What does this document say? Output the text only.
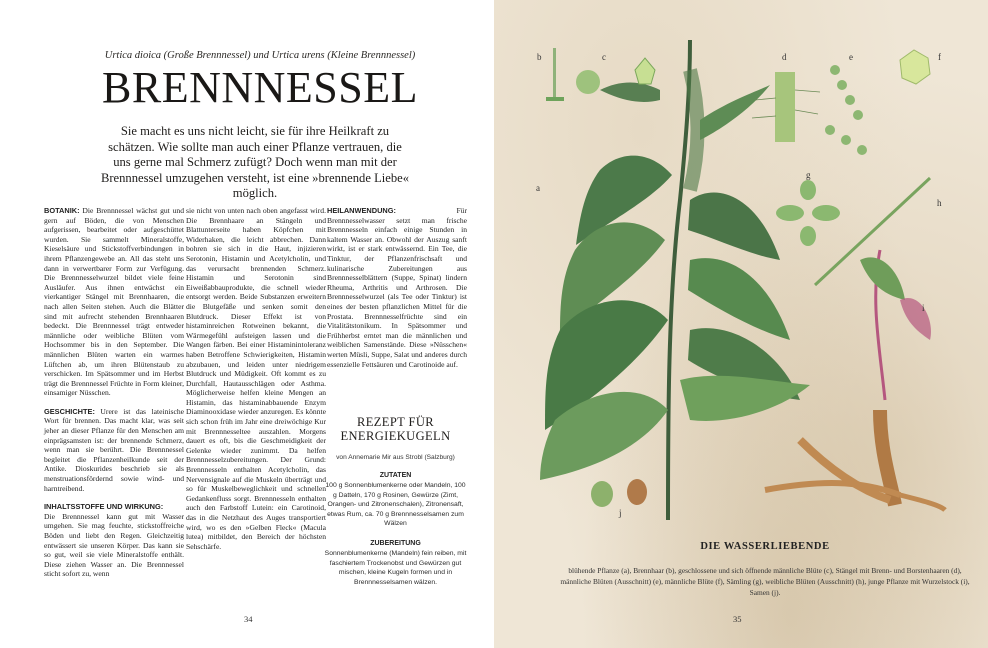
Urtica dioica (Große Brennnessel) und Urtica urens (Kleine Brennnessel)
BRENNNESSEL
Sie macht es uns nicht leicht, sie für ihre Heilkraft zu schätzen. Wie sollte man auch einer Pflanze vertrauen, die uns gerne mal Schmerz zufügt? Doch wenn man mit der Brennnessel umzugehen versteht, ist eine »brennende Liebe« möglich.

BOTANIK: Die Brennnessel wächst gut und gern auf Böden, die von Menschen aufgerissen, bearbeitet oder aufgeschüttet wurden. Sie sammelt Mineralstoffe, Kieselsäure und Stickstoffverbindungen in ihrem Pflanzengewebe an. All das steht uns dann in verwertbarer Form zur Verfügung. Die Brennnesselwurzel bildet viele feine Ausläufer. Aus ihnen entwächst ein vierkantiger Stängel mit Brennhaaren, die nach allen Seiten stehen. Auch die Blätter sind mit aufrecht stehenden Brennhaaren bedeckt. Die Brennnessel trägt entweder männliche oder weibliche Blüten vom Hochsommer bis in den September. Die männlichen Blüten warten ein warmes Lüftchen ab, um ihren Blütenstaub zu verschicken. Im Spätsommer und im Herbst trägt die Brennnessel Früchte in Form kleiner, einsamiger Nüsschen.

GESCHICHTE: Urere ist das lateinische Wort für brennen. Das macht klar, was seit jeher an dieser Pflanze für den Menschen am einprägsamsten ist: der brennende Schmerz, wenn man sie berührt. Die Brennnessel begleitet die Pflanzenheilkunde seit der Antike. Dioskurides beschrieb sie als menstruationsfördernd sowie wind- und harntreibend.

INHALTSSTOFFE UND WIRKUNG:
Die Brennnessel kann gut mit Wasser umgehen. Sie mag feuchte, stickstoffreiche Böden und liebt den Regen. Gleichzeitig entwässert sie unseren Körper. Das kann sie so gut, weil sie viele Mineralstoffe enthält. Diese ziehen Wasser an. Die Brennnessel sticht sofort zu, wenn

sie nicht von unten nach oben angefasst wird. Die Brennhaare an Stängeln und Blattunterseite haben Köpfchen mit Widerhaken, die leicht abbrechen. Dann bohren sie sich in die Haut, injizieren Serotonin, Histamin und Acetylcholin, und das verursacht brennenden Schmerz. Histamin und Serotonin sind Eiweißabbauprodukte, die schnell wieder entsorgt werden. Beide Substanzen erweitern die Blutgefäße und senken somit den Blutdruck. Dieser Effekt ist von histaminreichen Rotweinen bekannt, die Wärmegefühl aufsteigen lassen und die Wangen färben. Bei einer Histaminintoleranz haben Betroffene Schwierigkeiten, Histamin abzubauen, und leiden unter niedrigem Blutdruck und Müdigkeit. Oft kommt es zu Durchfall, Hautausschlägen oder Asthma. Möglicherweise helfen kleine Mengen an Histamin, das histaminabbauende Enzym Diaminooxidase wieder anzuregen. Es könnte sich schon früh im Jahr eine dreiwöchige Kur mit Brennnesseltee auszahlen. Morgens dauert es oft, bis die Geschmeidigkeit der Gelenke wieder zunimmt. Da helfen Brennnesselzubereitungen. Der Grund: Brennnesseln enthalten Acetylcholin, das Nervensignale auf die Muskeln überträgt und so für Muskelbeweglichkeit und schnellen Gedankenfluss sorgt. Brennnesseln enthalten auch den Farbstoff Lutein: ein Carotinoid, das in die Netzhaut des Auges transportiert wird, wo es den »Gelben Fleck« (Macula lutea) mitbildet, den Bereich der höchsten Sehschärfe.

HEILANWENDUNG: Für Brennnesselwasser setzt man frische Brennnesseln einfach einige Stunden in kaltem Wasser an. Obwohl der Auszug sanft wirkt, ist er stark entwässernd. Ein Tee, die Tinktur, der Pflanzenfrischsaft und kulinarische Zubereitungen aus Brennnesselblättern (Suppe, Spinat) lindern Rheuma, Arthritis und Arthrosen. Die Brennnesselwurzel (als Tee oder Tinktur) ist eines der besten pflanzlichen Mittel für die Prostata. Brennnesselfrüchte sind ein Vitalitätstonikum. In Spätsommer und Frühherbst erntet man die männlichen und weiblichen Samenstände. Diese »Nüsschen« werten Müsli, Suppe, Salat und anderes durch essenzielle Fettsäuren und Carotinoide auf.

REZEPT FÜR
ENERGIEKUGELN
von Annemarie Mir aus Strobl (Salzburg)
ZUTATEN
100 g Sonnenblumenkerne oder Mandeln, 100 g Datteln, 170 g Rosinen, Gewürze (Zimt, Orangen- und Zitronenschalen), Zitronensaft, etwas Rum, ca. 70 g Brennnesselsamen zum Wälzen
ZUBEREITUNG
Sonnenblumenkerne (Mandeln) fein reiben, mit faschiertem Trockenobst und Gewürzen gut mischen, kleine Kugeln formen und in Brennnesselsamen wälzen.
34
b	c	d	e	f
a
g
h
i
j
DIE WASSERLIEBENDE
blühende Pflanze (a), Brennhaar (b), geschlossene und sich öffnende männliche Blüte (c), Stängel mit Brenn- und Borstenhaaren (d), männliche Blüten (Ausschnitt) (e), männliche Blüte (f), Sämling (g), weibliche Blüten (Ausschnitt) (h), junge Pflanze mit Wurzelstock (i), Samen (j).
35
